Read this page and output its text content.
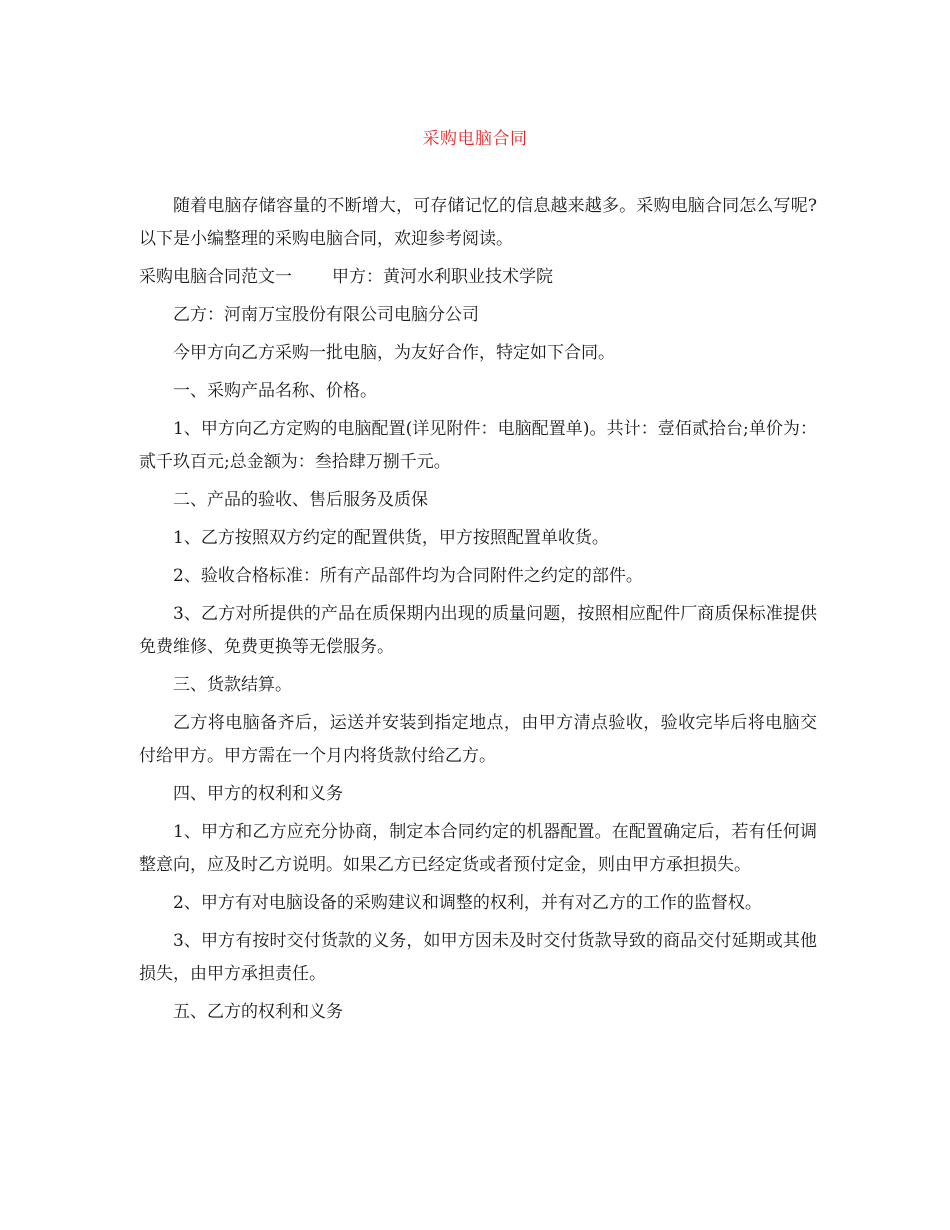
采购电脑合同

随着电脑存储容量的不断增大，可存储记忆的信息越来越多。采购电脑合同怎么写呢?以下是小编整理的采购电脑合同，欢迎参考阅读。

采购电脑合同范文一 甲方：黄河水利职业技术学院

乙方：河南万宝股份有限公司电脑分公司

今甲方向乙方采购一批电脑，为友好合作，特定如下合同。

一、采购产品名称、价格。

1、甲方向乙方定购的电脑配置(详见附件：电脑配置单)。共计：壹佰贰拾台;单价为：贰千玖百元;总金额为：叁拾肆万捌千元。

二、产品的验收、售后服务及质保

1、乙方按照双方约定的配置供货，甲方按照配置单收货。

2、验收合格标准：所有产品部件均为合同附件之约定的部件。

3、乙方对所提供的产品在质保期内出现的质量问题，按照相应配件厂商质保标准提供免费维修、免费更换等无偿服务。

三、货款结算。

乙方将电脑备齐后，运送并安装到指定地点，由甲方清点验收，验收完毕后将电脑交付给甲方。甲方需在一个月内将货款付给乙方。

四、甲方的权利和义务

1、甲方和乙方应充分协商，制定本合同约定的机器配置。在配置确定后，若有任何调整意向，应及时乙方说明。如果乙方已经定货或者预付定金，则由甲方承担损失。

2、甲方有对电脑设备的采购建议和调整的权利，并有对乙方的工作的监督权。

3、甲方有按时交付货款的义务，如甲方因未及时交付货款导致的商品交付延期或其他损失，由甲方承担责任。

五、乙方的权利和义务
